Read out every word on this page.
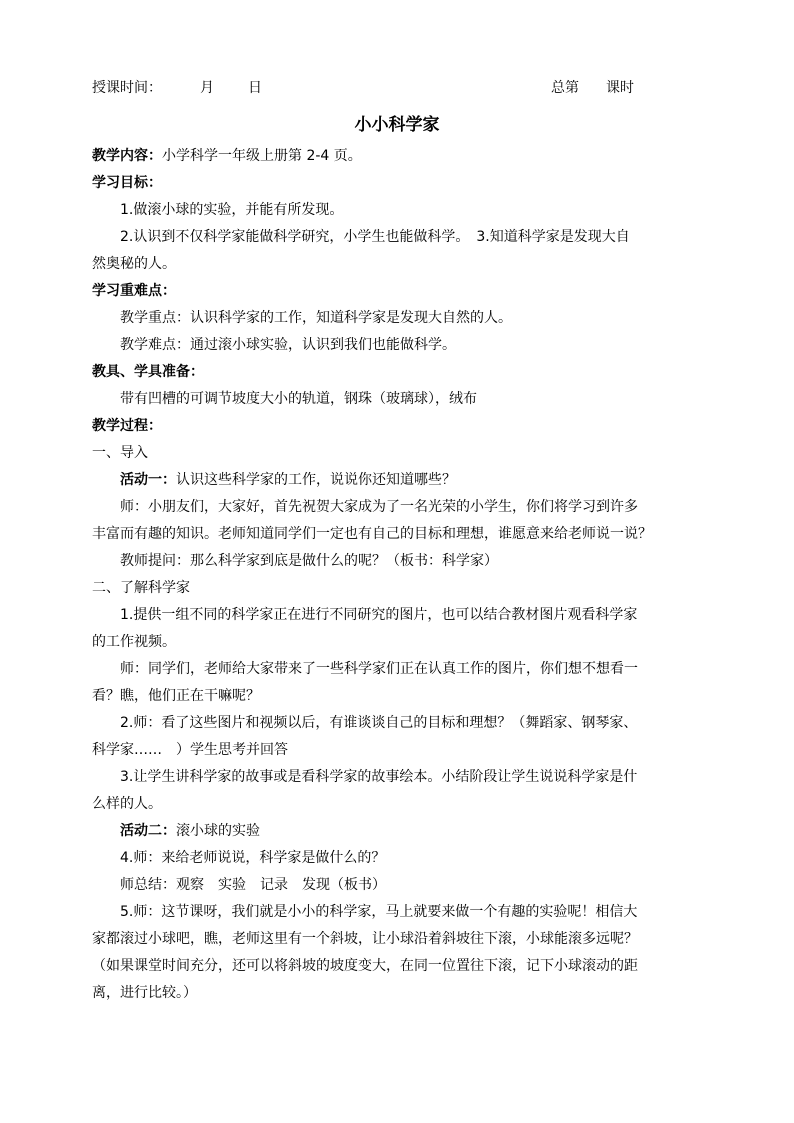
授课时间：	月 日	总第 课时
小小科学家
教学内容：小学科学一年级上册第 2-4 页。
学习目标：
1.做滚小球的实验，并能有所发现。
2.认识到不仅科学家能做科学研究，小学生也能做科学。　3.知道科学家是发现大自
然奥秘的人。
学习重难点：
教学重点：认识科学家的工作，知道科学家是发现大自然的人。
教学难点：通过滚小球实验，认识到我们也能做科学。
教具、学具准备：
带有凹槽的可调节坡度大小的轨道，钢珠（玻璃球），绒布
教学过程：
一、导入
活动一：认识这些科学家的工作，说说你还知道哪些？
师：小朋友们，大家好，首先祝贺大家成为了一名光荣的小学生，你们将学习到许多
丰富而有趣的知识。老师知道同学们一定也有自己的目标和理想，谁愿意来给老师说一说？
教师提问：那么科学家到底是做什么的呢？（板书：科学家）
二、了解科学家
1.提供一组不同的科学家正在进行不同研究的图片，也可以结合教材图片观看科学家
的工作视频。
师：同学们，老师给大家带来了一些科学家们正在认真工作的图片，你们想不想看一
看？瞧，他们正在干嘛呢？
2.师：看了这些图片和视频以后，有谁谈谈自己的目标和理想？（舞蹈家、钢琴家、
科学家……　）学生思考并回答
3.让学生讲科学家的故事或是看科学家的故事绘本。小结阶段让学生说说科学家是什
么样的人。
活动二：滚小球的实验
4.师：来给老师说说，科学家是做什么的？
师总结：观察　实验　记录　发现（板书）
5.师：这节课呀，我们就是小小的科学家，马上就要来做一个有趣的实验呢！相信大
家都滚过小球吧，瞧，老师这里有一个斜坡，让小球沿着斜坡往下滚，小球能滚多远呢？
（如果课堂时间充分，还可以将斜坡的坡度变大，在同一位置往下滚，记下小球滚动的距
离，进行比较。）
